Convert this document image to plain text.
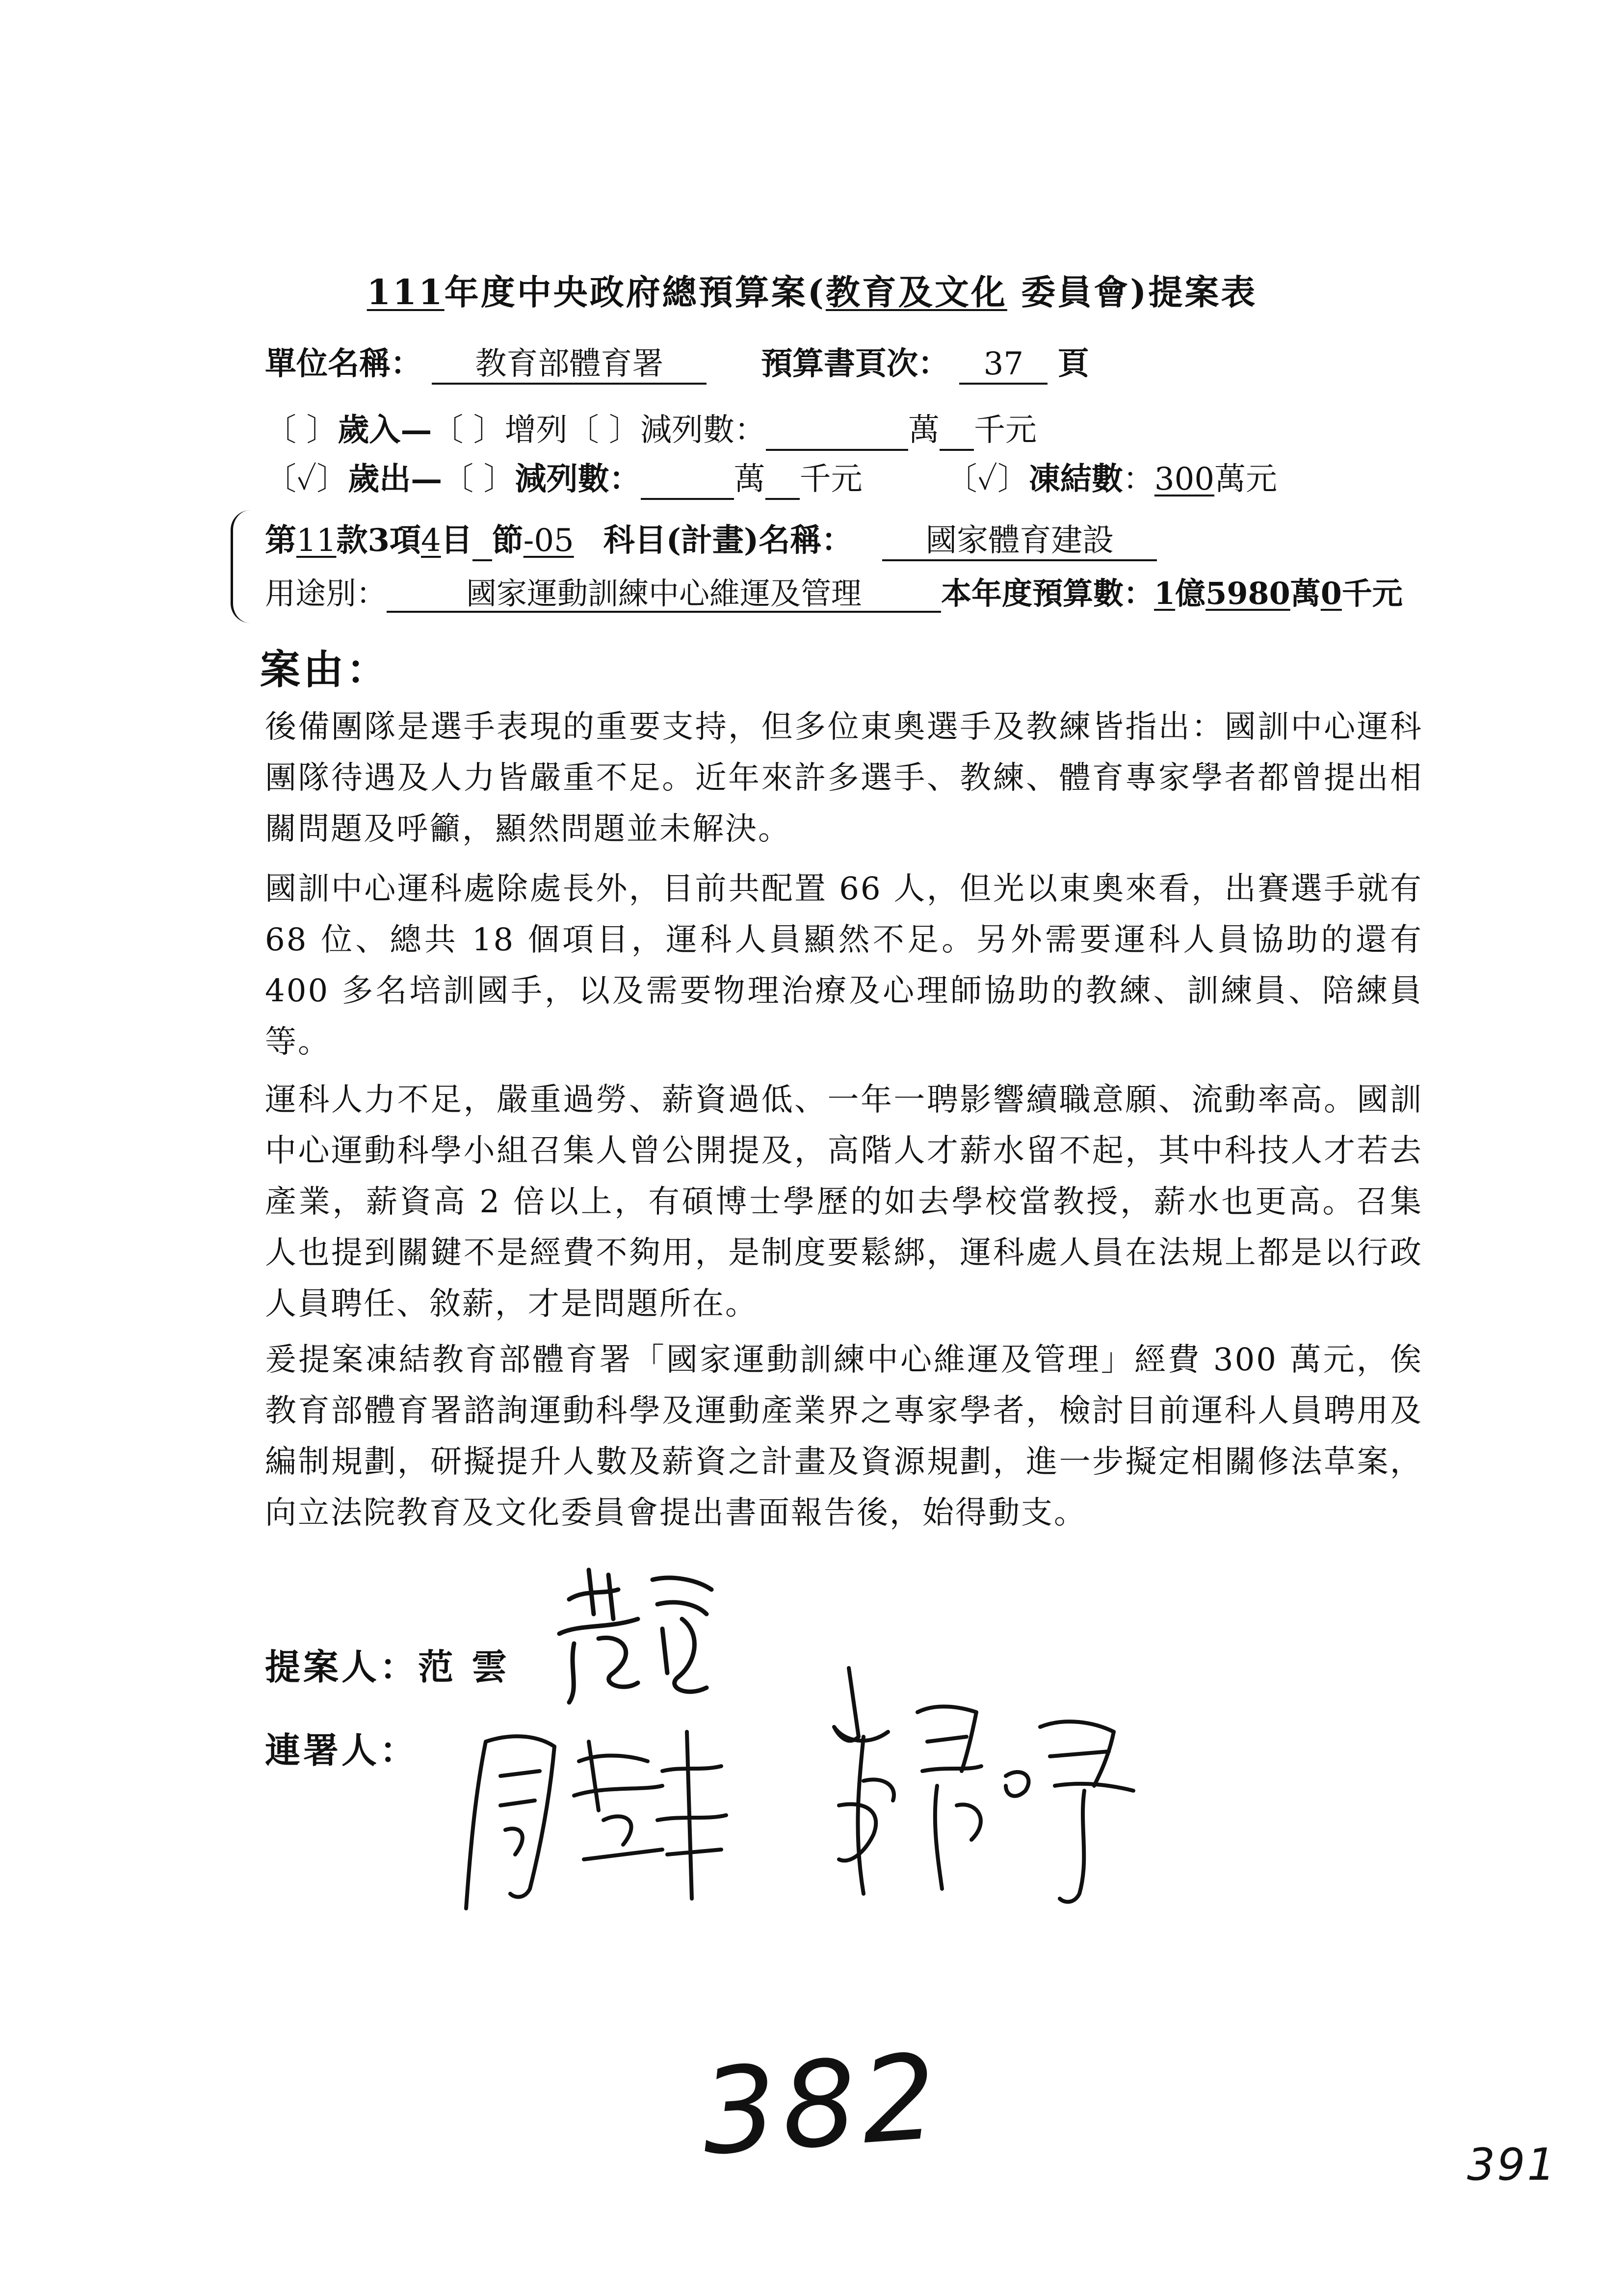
111年度中央政府總預算案(教育及文化 委員會)提案表
單位名稱： 教育部體育署	預算書頁次： 37 頁
〔 〕歲入—〔 〕增列〔 〕減列數：	萬 千元
〔✓〕歲出—〔 〕減列數：	萬 千元	〔✓〕凍結數：300萬元
第11款3項4目 節-05 科目(計畫)名稱： 國家體育建設
用途別：	國家運動訓練中心維運及管理	本年度預算數：1億5980萬0千元
案由：
後備團隊是選手表現的重要支持，但多位東奧選手及教練皆指出：國訓中心運科團隊待遇及人力皆嚴重不足。近年來許多選手、教練、體育專家學者都曾提出相關問題及呼籲，顯然問題並未解決。
國訓中心運科處除處長外，目前共配置 66 人，但光以東奧來看，出賽選手就有 68 位、總共 18 個項目，運科人員顯然不足。另外需要運科人員協助的還有 400 多名培訓國手，以及需要物理治療及心理師協助的教練、訓練員、陪練員等。
運科人力不足，嚴重過勞、薪資過低、一年一聘影響續職意願、流動率高。國訓中心運動科學小組召集人曾公開提及，高階人才薪水留不起，其中科技人才若去產業，薪資高 2 倍以上，有碩博士學歷的如去學校當教授，薪水也更高。召集人也提到關鍵不是經費不夠用，是制度要鬆綁，運科處人員在法規上都是以行政人員聘任、敘薪，才是問題所在。
爰提案凍結教育部體育署「國家運動訓練中心維運及管理」經費 300 萬元，俟教育部體育署諮詢運動科學及運動產業界之專家學者，檢討目前運科人員聘用及編制規劃，研擬提升人數及薪資之計畫及資源規劃，進一步擬定相關修法草案，向立法院教育及文化委員會提出書面報告後，始得動支。
提案人：范 雲
連署人：
382	391
